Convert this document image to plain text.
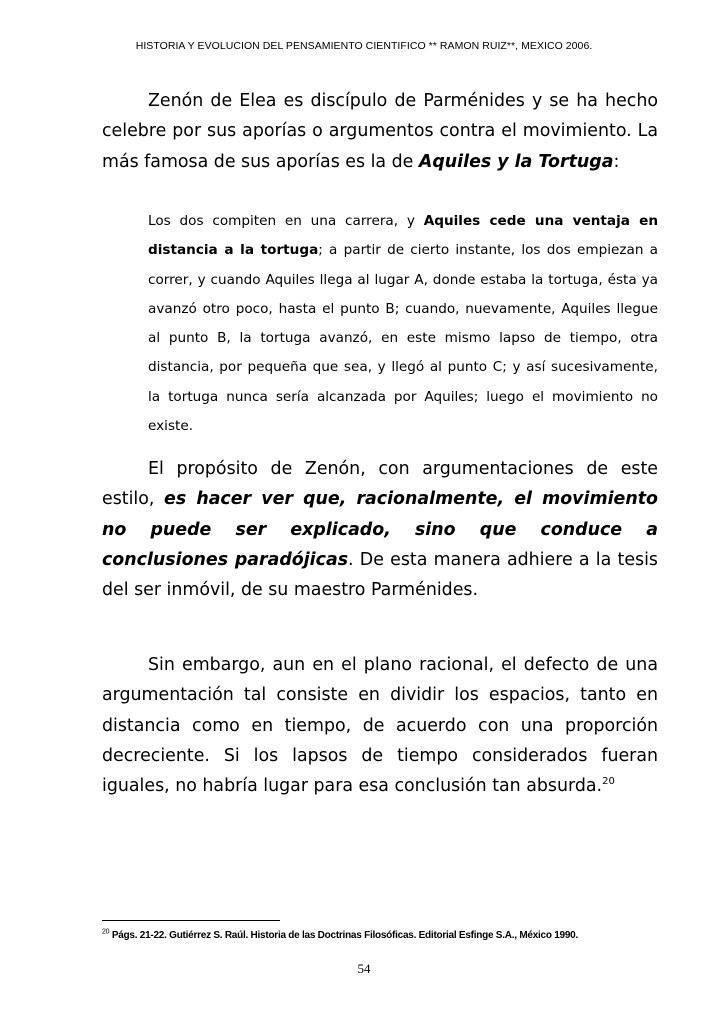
HISTORIA Y EVOLUCION DEL PENSAMIENTO CIENTIFICO ** RAMON RUIZ**, MEXICO 2006.

Zenón de Elea es discípulo de Parménides y se ha hecho celebre por sus aporías o argumentos contra el movimiento. La más famosa de sus aporías es la de Aquiles y la Tortuga:

Los dos compiten en una carrera, y Aquiles cede una ventaja en distancia a la tortuga; a partir de cierto instante, los dos empiezan a correr, y cuando Aquiles llega al lugar A, donde estaba la tortuga, ésta ya avanzó otro poco, hasta el punto B; cuando, nuevamente, Aquiles llegue al punto B, la tortuga avanzó, en este mismo lapso de tiempo, otra distancia, por pequeña que sea, y llegó al punto C; y así sucesivamente, la tortuga nunca sería alcanzada por Aquiles; luego el movimiento no existe.

El propósito de Zenón, con argumentaciones de este estilo, es hacer ver que, racionalmente, el movimiento no puede ser explicado, sino que conduce a conclusiones paradójicas. De esta manera adhiere a la tesis del ser inmóvil, de su maestro Parménides.

Sin embargo, aun en el plano racional, el defecto de una argumentación tal consiste en dividir los espacios, tanto en distancia como en tiempo, de acuerdo con una proporción decreciente. Si los lapsos de tiempo considerados fueran iguales, no habría lugar para esa conclusión tan absurda.$^{20}$

$^{20}$ Págs. 21-22. Gutiérrez S. Raúl. Historia de las Doctrinas Filosóficas. Editorial Esfinge S.A., México 1990.
54
